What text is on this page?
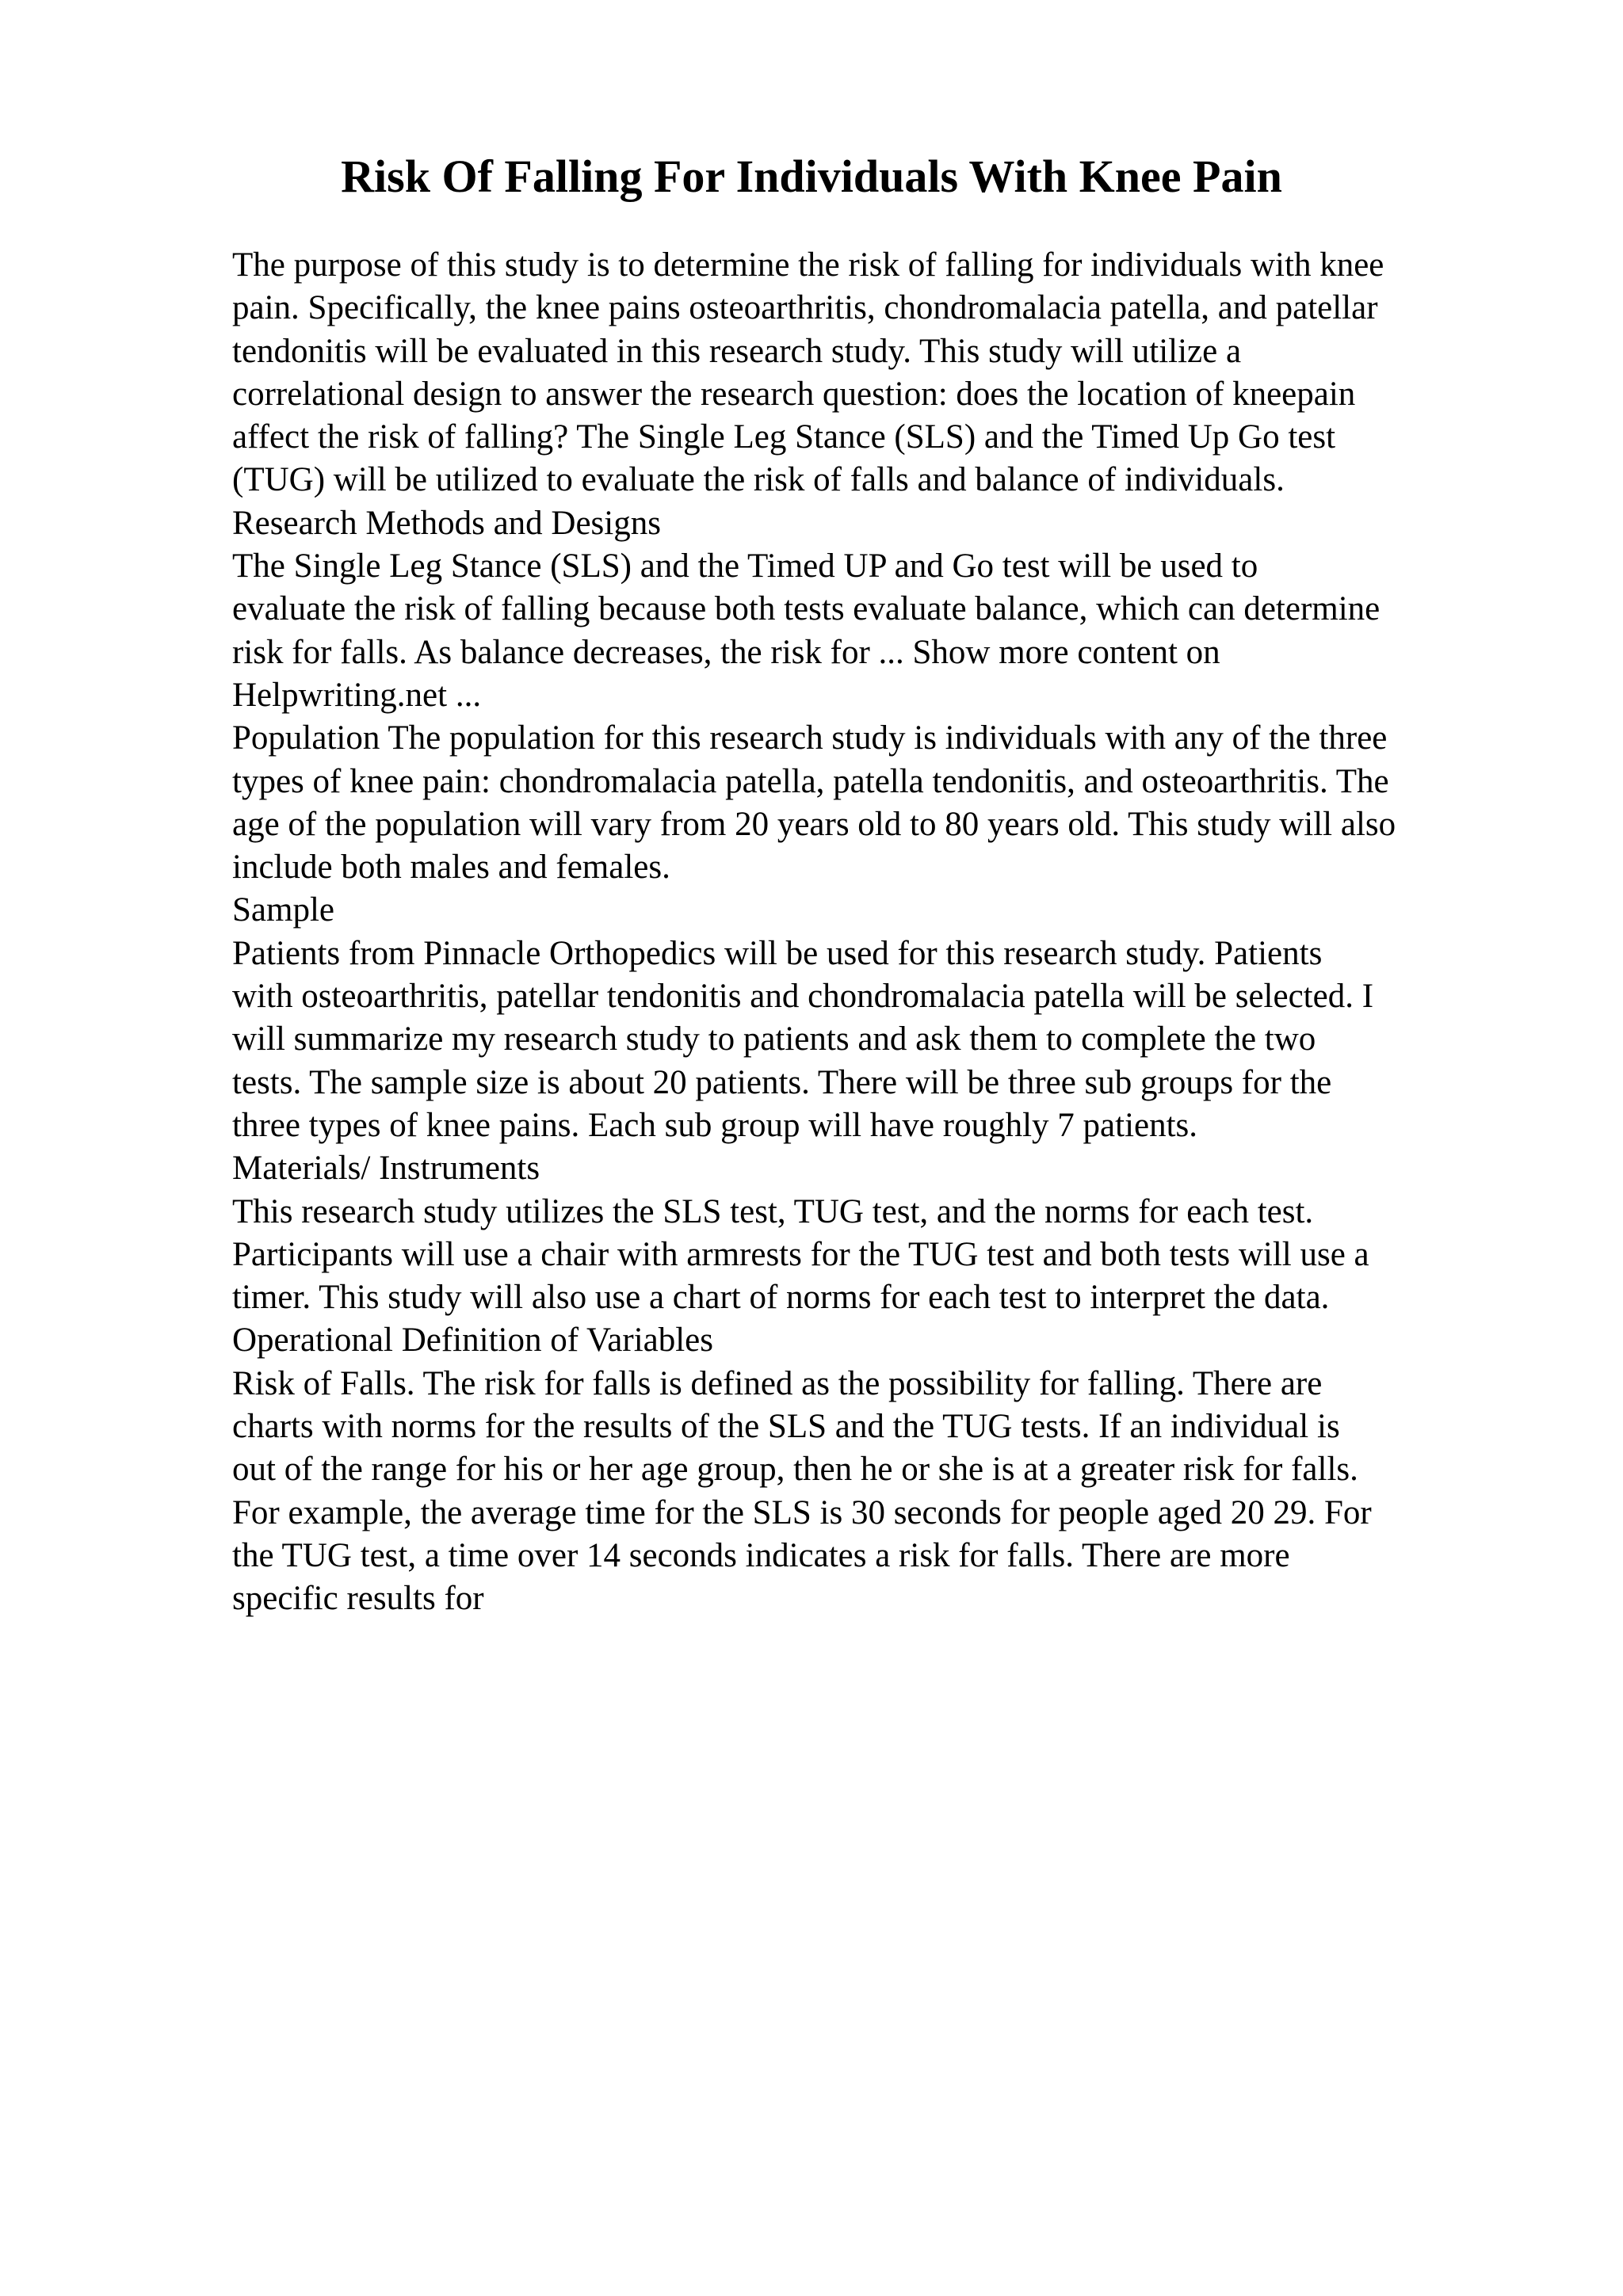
Risk Of Falling For Individuals With Knee Pain
The purpose of this study is to determine the risk of falling for individuals with knee
pain. Specifically, the knee pains osteoarthritis, chondromalacia patella, and patellar
tendonitis will be evaluated in this research study. This study will utilize a
correlational design to answer the research question: does the location of kneepain
affect the risk of falling? The Single Leg Stance (SLS) and the Timed Up Go test
(TUG) will be utilized to evaluate the risk of falls and balance of individuals.
Research Methods and Designs
The Single Leg Stance (SLS) and the Timed UP and Go test will be used to
evaluate the risk of falling because both tests evaluate balance, which can determine
risk for falls. As balance decreases, the risk for ... Show more content on
Helpwriting.net ...
Population The population for this research study is individuals with any of the three
types of knee pain: chondromalacia patella, patella tendonitis, and osteoarthritis. The
age of the population will vary from 20 years old to 80 years old. This study will also
include both males and females.
Sample
Patients from Pinnacle Orthopedics will be used for this research study. Patients
with osteoarthritis, patellar tendonitis and chondromalacia patella will be selected. I
will summarize my research study to patients and ask them to complete the two
tests. The sample size is about 20 patients. There will be three sub groups for the
three types of knee pains. Each sub group will have roughly 7 patients.
Materials/ Instruments
This research study utilizes the SLS test, TUG test, and the norms for each test.
Participants will use a chair with armrests for the TUG test and both tests will use a
timer. This study will also use a chart of norms for each test to interpret the data.
Operational Definition of Variables
Risk of Falls. The risk for falls is defined as the possibility for falling. There are
charts with norms for the results of the SLS and the TUG tests. If an individual is
out of the range for his or her age group, then he or she is at a greater risk for falls.
For example, the average time for the SLS is 30 seconds for people aged 20 29. For
the TUG test, a time over 14 seconds indicates a risk for falls. There are more
specific results for
